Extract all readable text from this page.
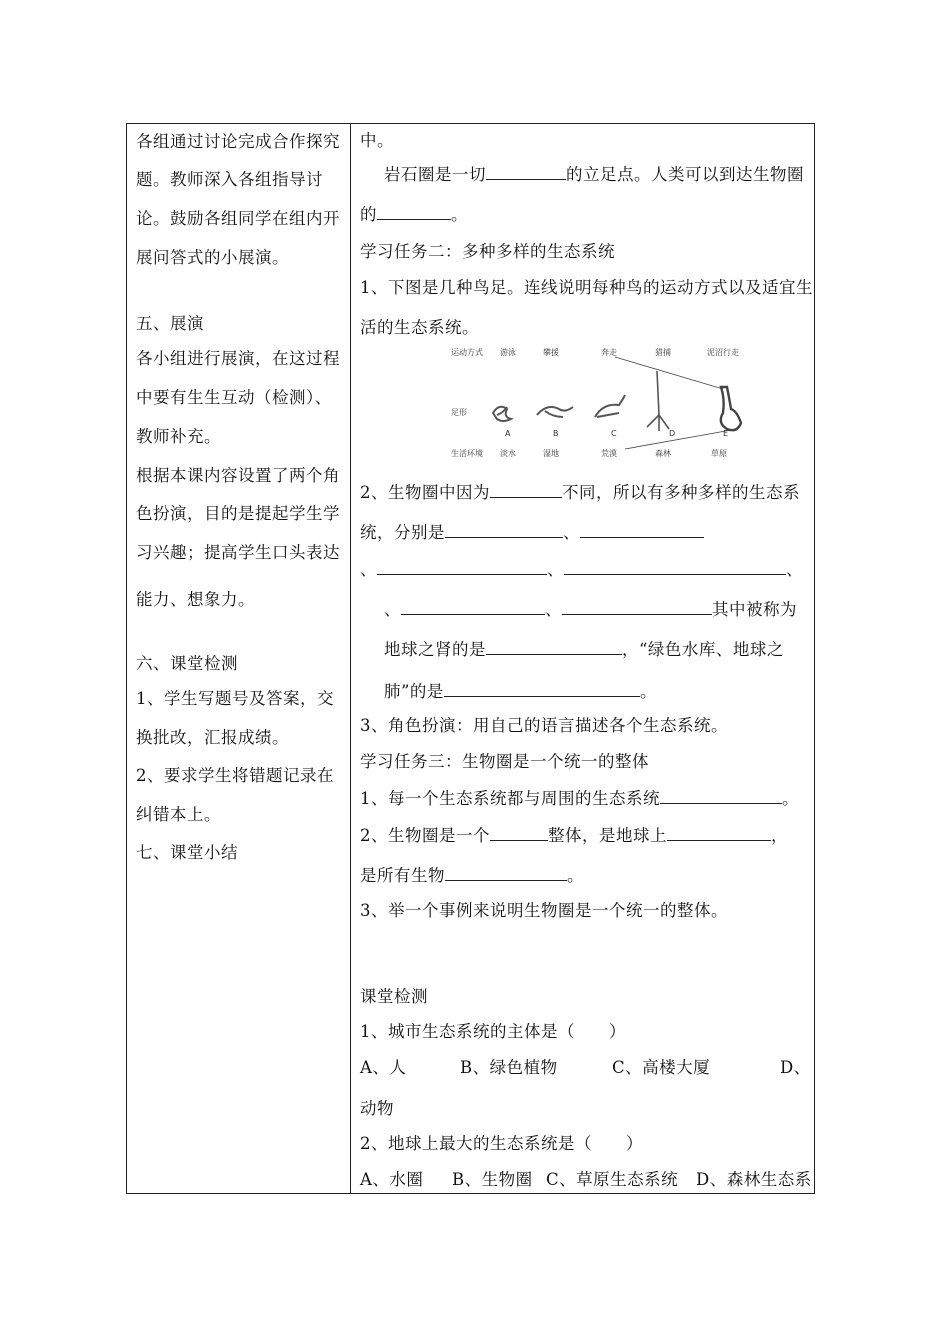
各组通过讨论完成合作探究
题。教师深入各组指导讨
论。鼓励各组同学在组内开
展问答式的小展演。
五、展演
各小组进行展演，在这过程
中要有生生互动（检测）、
教师补充。
根据本课内容设置了两个角
色扮演，目的是提起学生学
习兴趣；提高学生口头表达
能力、想象力。
六、课堂检测
1、学生写题号及答案，交
换批改，汇报成绩。
2、要求学生将错题记录在
纠错本上。
七、课堂小结
中。
岩石圈是一切	的立足点。人类可以到达生物圈
的	。
学习任务二：多种多样的生态系统
1、下图是几种鸟足。连线说明每种鸟的运动方式以及适宜生
活的生态系统。
运动方式 游泳	攀援	奔走	猎捕	泥沼行走
足形
A	B	C	D	E
生活环境 淡水	湿地	荒漠	森林	草原
2、生物圈中因为	不同，所以有多种多样的生态系
统，分别是	、
、	、	、
、	、	其中被称为
地球之肾的是	，“绿色水库、地球之
肺”的是	。
3、角色扮演：用自己的语言描述各个生态系统。
学习任务三：生物圈是一个统一的整体
1、每一个生态系统都与周围的生态系统	。
2、生物圈是一个	整体，是地球上	，
是所有生物	。
3、举一个事例来说明生物圈是一个统一的整体。
课堂检测
1、城市生态系统的主体是（　　）
A、人	B、绿色植物	C、高楼大厦	D、
动物
2、地球上最大的生态系统是（　　）
A、水圈 B、生物圈 C、草原生态系统 D、森林生态系
